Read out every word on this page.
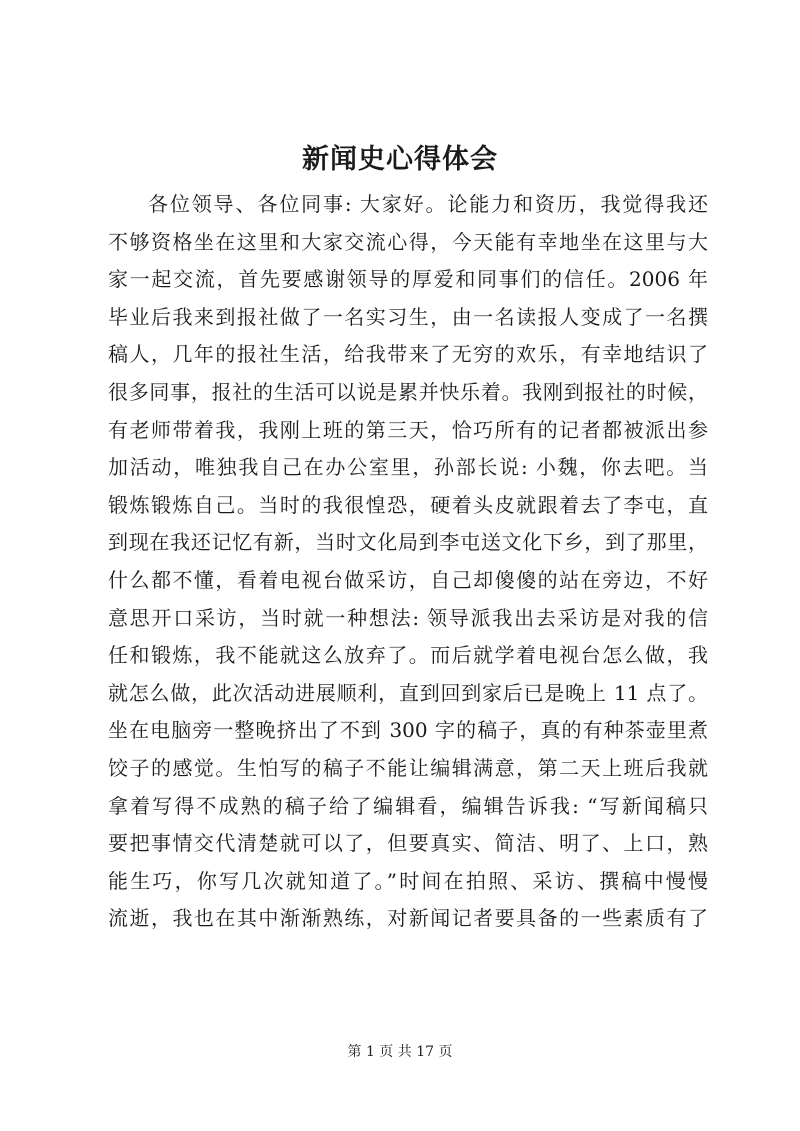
新闻史心得体会
各位领导、各位同事: 大家好。论能力和资历，我觉得我还
不够资格坐在这里和大家交流心得，今天能有幸地坐在这里与大
家一起交流，首先要感谢领导的厚爱和同事们的信任。2006 年
毕业后我来到报社做了一名实习生，由一名读报人变成了一名撰
稿人，几年的报社生活，给我带来了无穷的欢乐，有幸地结识了
很多同事，报社的生活可以说是累并快乐着。我刚到报社的时候，
有老师带着我，我刚上班的第三天，恰巧所有的记者都被派出参
加活动，唯独我自己在办公室里，孙部长说: 小魏，你去吧。当
锻炼锻炼自己。当时的我很惶恐，硬着头皮就跟着去了李屯，直
到现在我还记忆有新，当时文化局到李屯送文化下乡，到了那里，
什么都不懂，看着电视台做采访，自己却傻傻的站在旁边，不好
意思开口采访，当时就一种想法: 领导派我出去采访是对我的信
任和锻炼，我不能就这么放弃了。而后就学着电视台怎么做，我
就怎么做，此次活动进展顺利，直到回到家后已是晚上 11 点了。
坐在电脑旁一整晚挤出了不到 300 字的稿子，真的有种茶壶里煮
饺子的感觉。生怕写的稿子不能让编辑满意，第二天上班后我就
拿着写得不成熟的稿子给了编辑看，编辑告诉我: “写新闻稿只
要把事情交代清楚就可以了，但要真实、简洁、明了、上口，熟
能生巧，你写几次就知道了。”时间在拍照、采访、撰稿中慢慢
流逝，我也在其中渐渐熟练，对新闻记者要具备的一些素质有了
第 1 页 共 17 页
